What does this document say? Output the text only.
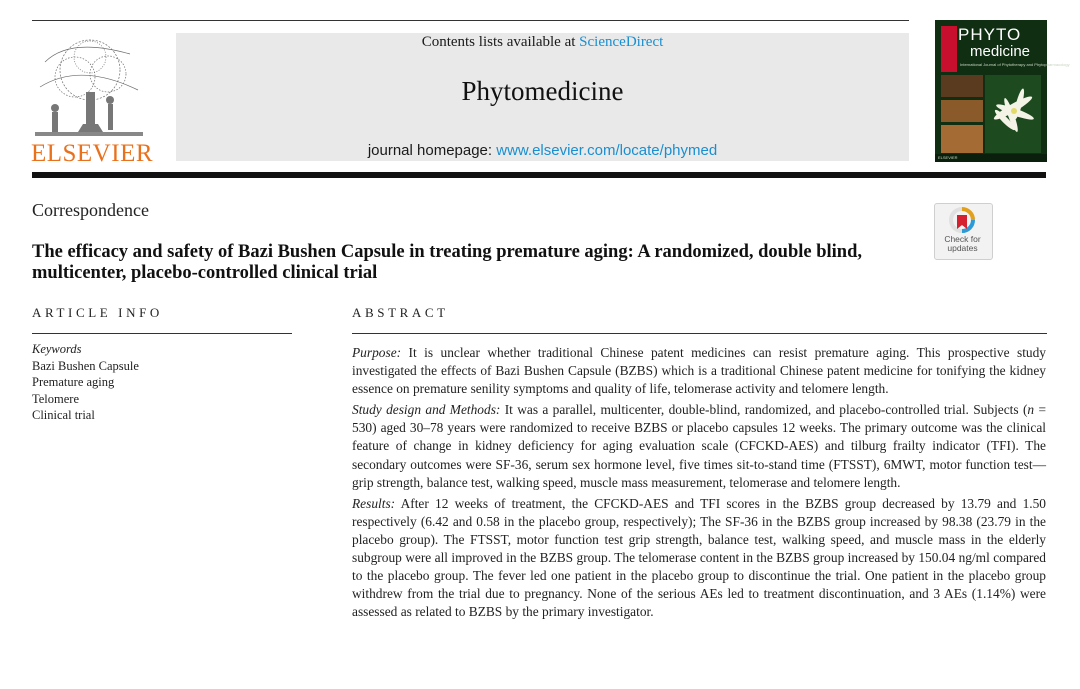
ELSEVIER
Contents lists available at ScienceDirect
Phytomedicine
journal homepage: www.elsevier.com/locate/phymed
PHYTO
medicine
International Journal of Phytotherapy and Phytopharmacology
ELSEVIER
Correspondence
Check for
updates
The efficacy and safety of Bazi Bushen Capsule in treating premature aging: A randomized, double blind, multicenter, placebo-controlled clinical trial
ARTICLE INFO
Keywords
Bazi Bushen Capsule
Premature aging
Telomere
Clinical trial
ABSTRACT

Purpose: It is unclear whether traditional Chinese patent medicines can resist premature aging. This prospective study investigated the effects of Bazi Bushen Capsule (BZBS) which is a traditional Chinese patent medicine for tonifying the kidney essence on premature senility symptoms and quality of life, telomerase activity and telomere length.

Study design and Methods: It was a parallel, multicenter, double-blind, randomized, and placebo-controlled trial. Subjects (n = 530) aged 30–78 years were randomized to receive BZBS or placebo capsules 12 weeks. The primary outcome was the clinical feature of change in kidney deficiency for aging evaluation scale (CFCKD-AES) and tilburg frailty indicator (TFI). The secondary outcomes were SF-36, serum sex hormone level, five times sit-to-stand time (FTSST), 6MWT, motor function test—grip strength, balance test, walking speed, muscle mass measurement, telomerase and telomere length.

Results: After 12 weeks of treatment, the CFCKD-AES and TFI scores in the BZBS group decreased by 13.79 and 1.50 respectively (6.42 and 0.58 in the placebo group, respectively); The SF-36 in the BZBS group increased by 98.38 (23.79 in the placebo group). The FTSST, motor function test grip strength, balance test, walking speed, and muscle mass in the elderly subgroup were all improved in the BZBS group. The telomerase content in the BZBS group increased by 150.04 ng/ml compared to the placebo group. The fever led one patient in the placebo group to discontinue the trial. One patient in the placebo group withdrew from the trial due to pregnancy. None of the serious AEs led to treatment discontinuation, and 3 AEs (1.14%) were assessed as related to BZBS by the primary investigator.
